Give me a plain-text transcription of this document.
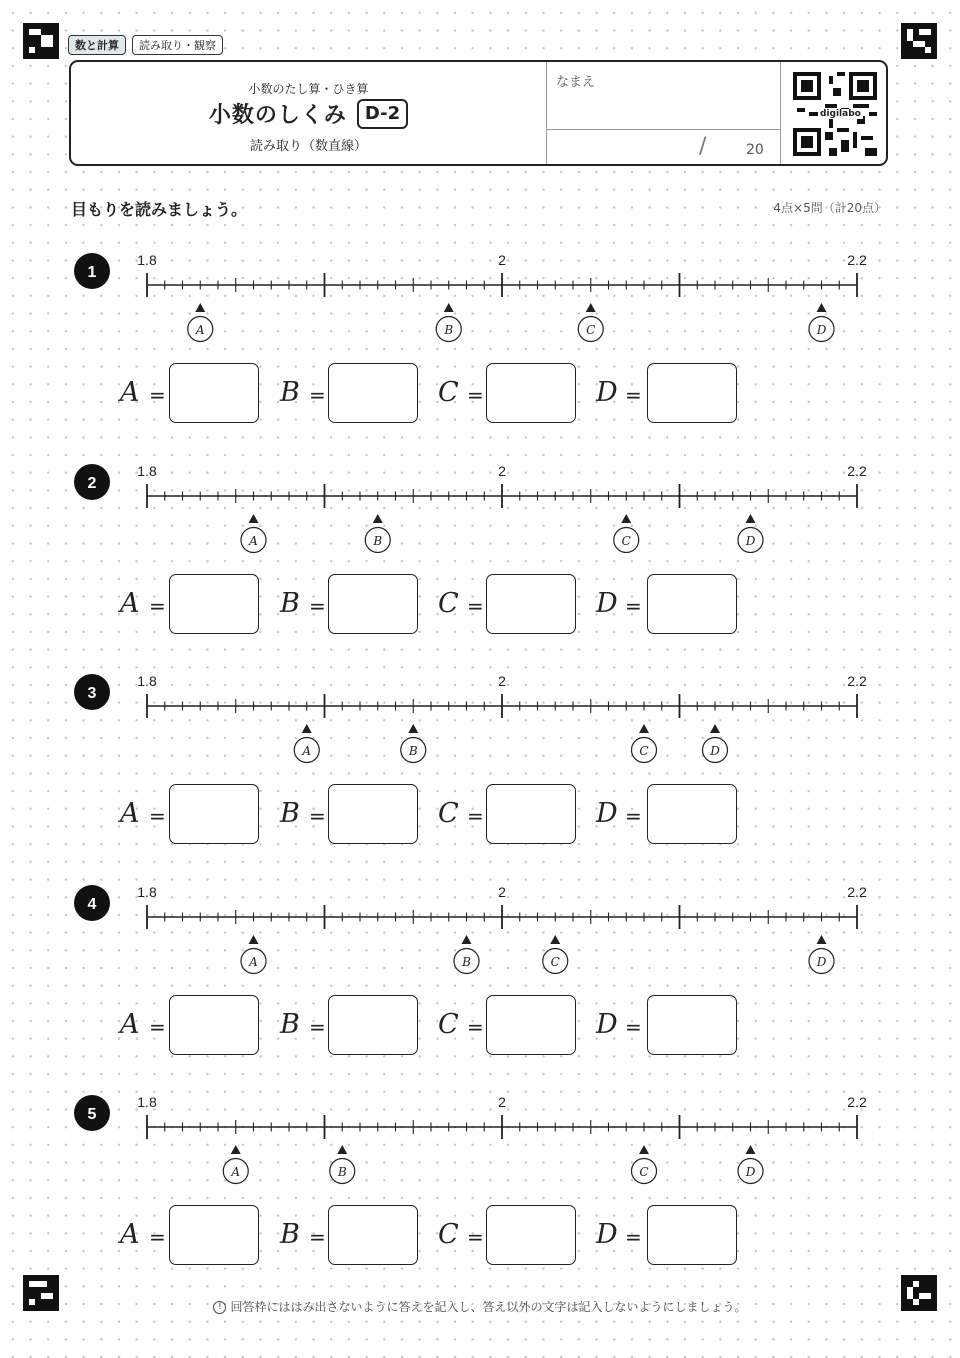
数と計算	読み取り・観察
小数のたし算・ひき算
小数のしくみ	D-2
読み取り（数直線）
なまえ
/	20
digilabo
目もりを読みましょう。	4点×5問（計20点）
1
1.8	2	2.2
A	B	C	D
A =	B =	C =	D =
2
1.8	2	2.2
A	B	C	D
A =	B =	C =	D =
3
1.8	2	2.2
A	B	C	D
A =	B =	C =	D =
4
1.8	2	2.2
A	B	C	D
A =	B =	C =	D =
5
1.8	2	2.2
A	B	C	D
A =	B =	C =	D =
! 回答枠にははみ出さないように答えを記入し、答え以外の文字は記入しないようにしましょう。
